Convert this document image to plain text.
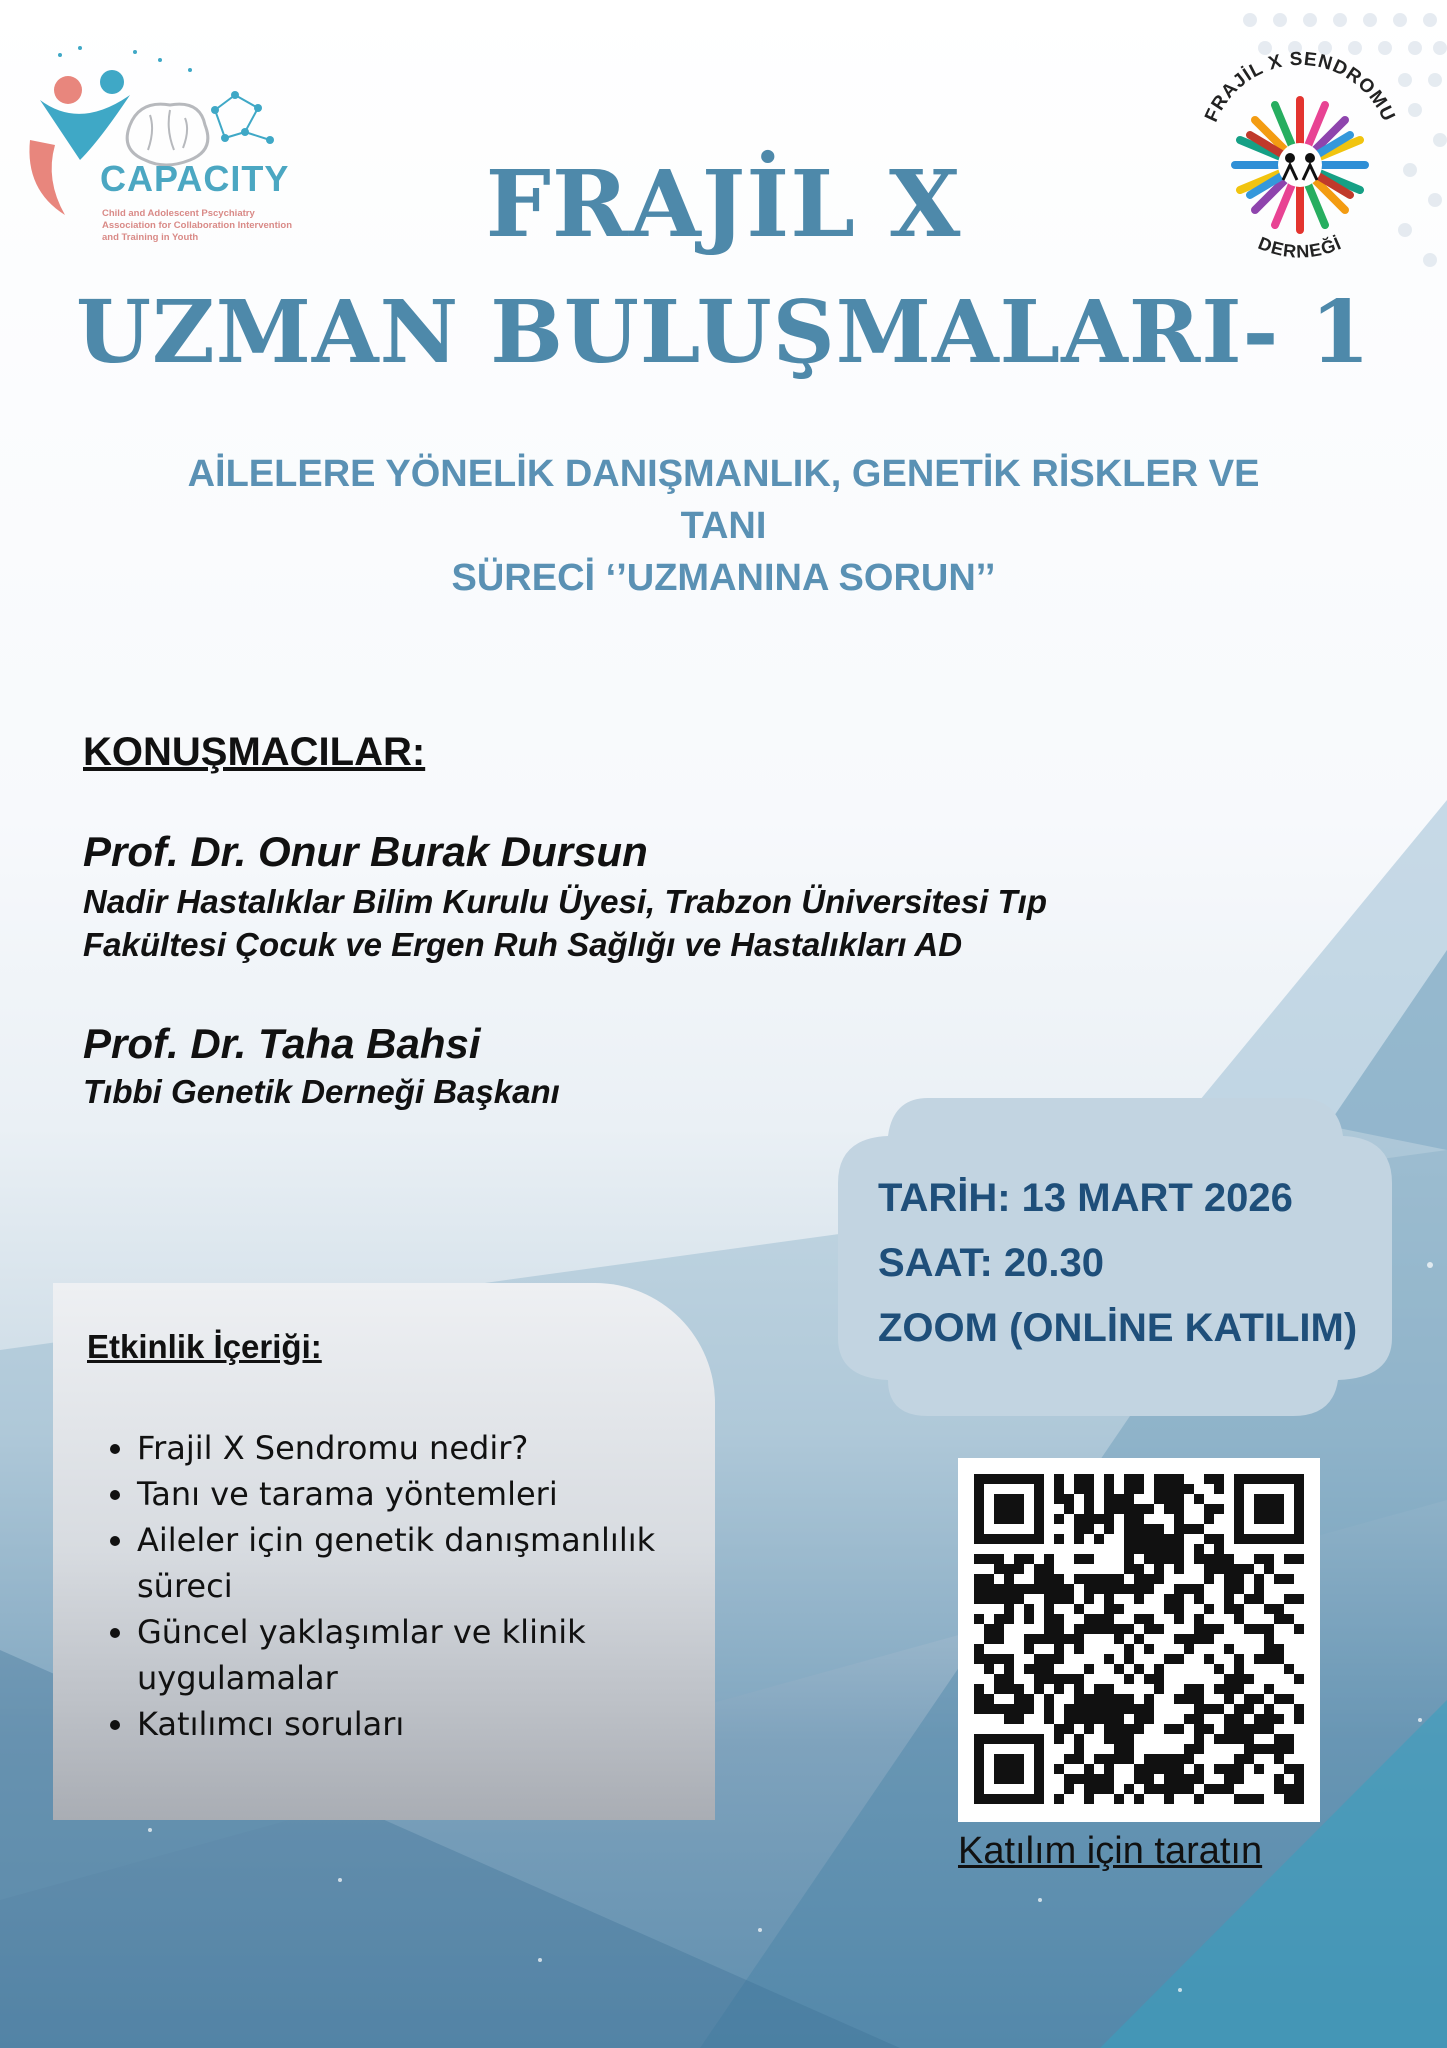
CAPACITY
Child and Adolescent Pscychiatry
Association for Collaboration Intervention
and Training in Youth
FRAJİL X SENDROMU
DERNEĞİ
FRAJİL X
UZMAN BULUŞMALARI- 1
AİLELERE YÖNELİK DANIŞMANLIK, GENETİK RİSKLER VE TANI
SÜRECİ ‘’UZMANINA SORUN’’
KONUŞMACILAR:
Prof. Dr. Onur Burak Dursun
Nadir Hastalıklar Bilim Kurulu Üyesi, Trabzon Üniversitesi Tıp
Fakültesi Çocuk ve Ergen Ruh Sağlığı ve Hastalıkları AD
Prof. Dr. Taha Bahsi
Tıbbi Genetik Derneği Başkanı
TARİH: 13 MART 2026
SAAT: 20.30
ZOOM (ONLİNE KATILIM)
Etkinlik İçeriği:
• Frajil X Sendromu nedir?
• Tanı ve tarama yöntemleri
• Aileler için genetik danışmanlılık süreci
• Güncel yaklaşımlar ve klinik uygulamalar
• Katılımcı soruları
Katılım için taratın
